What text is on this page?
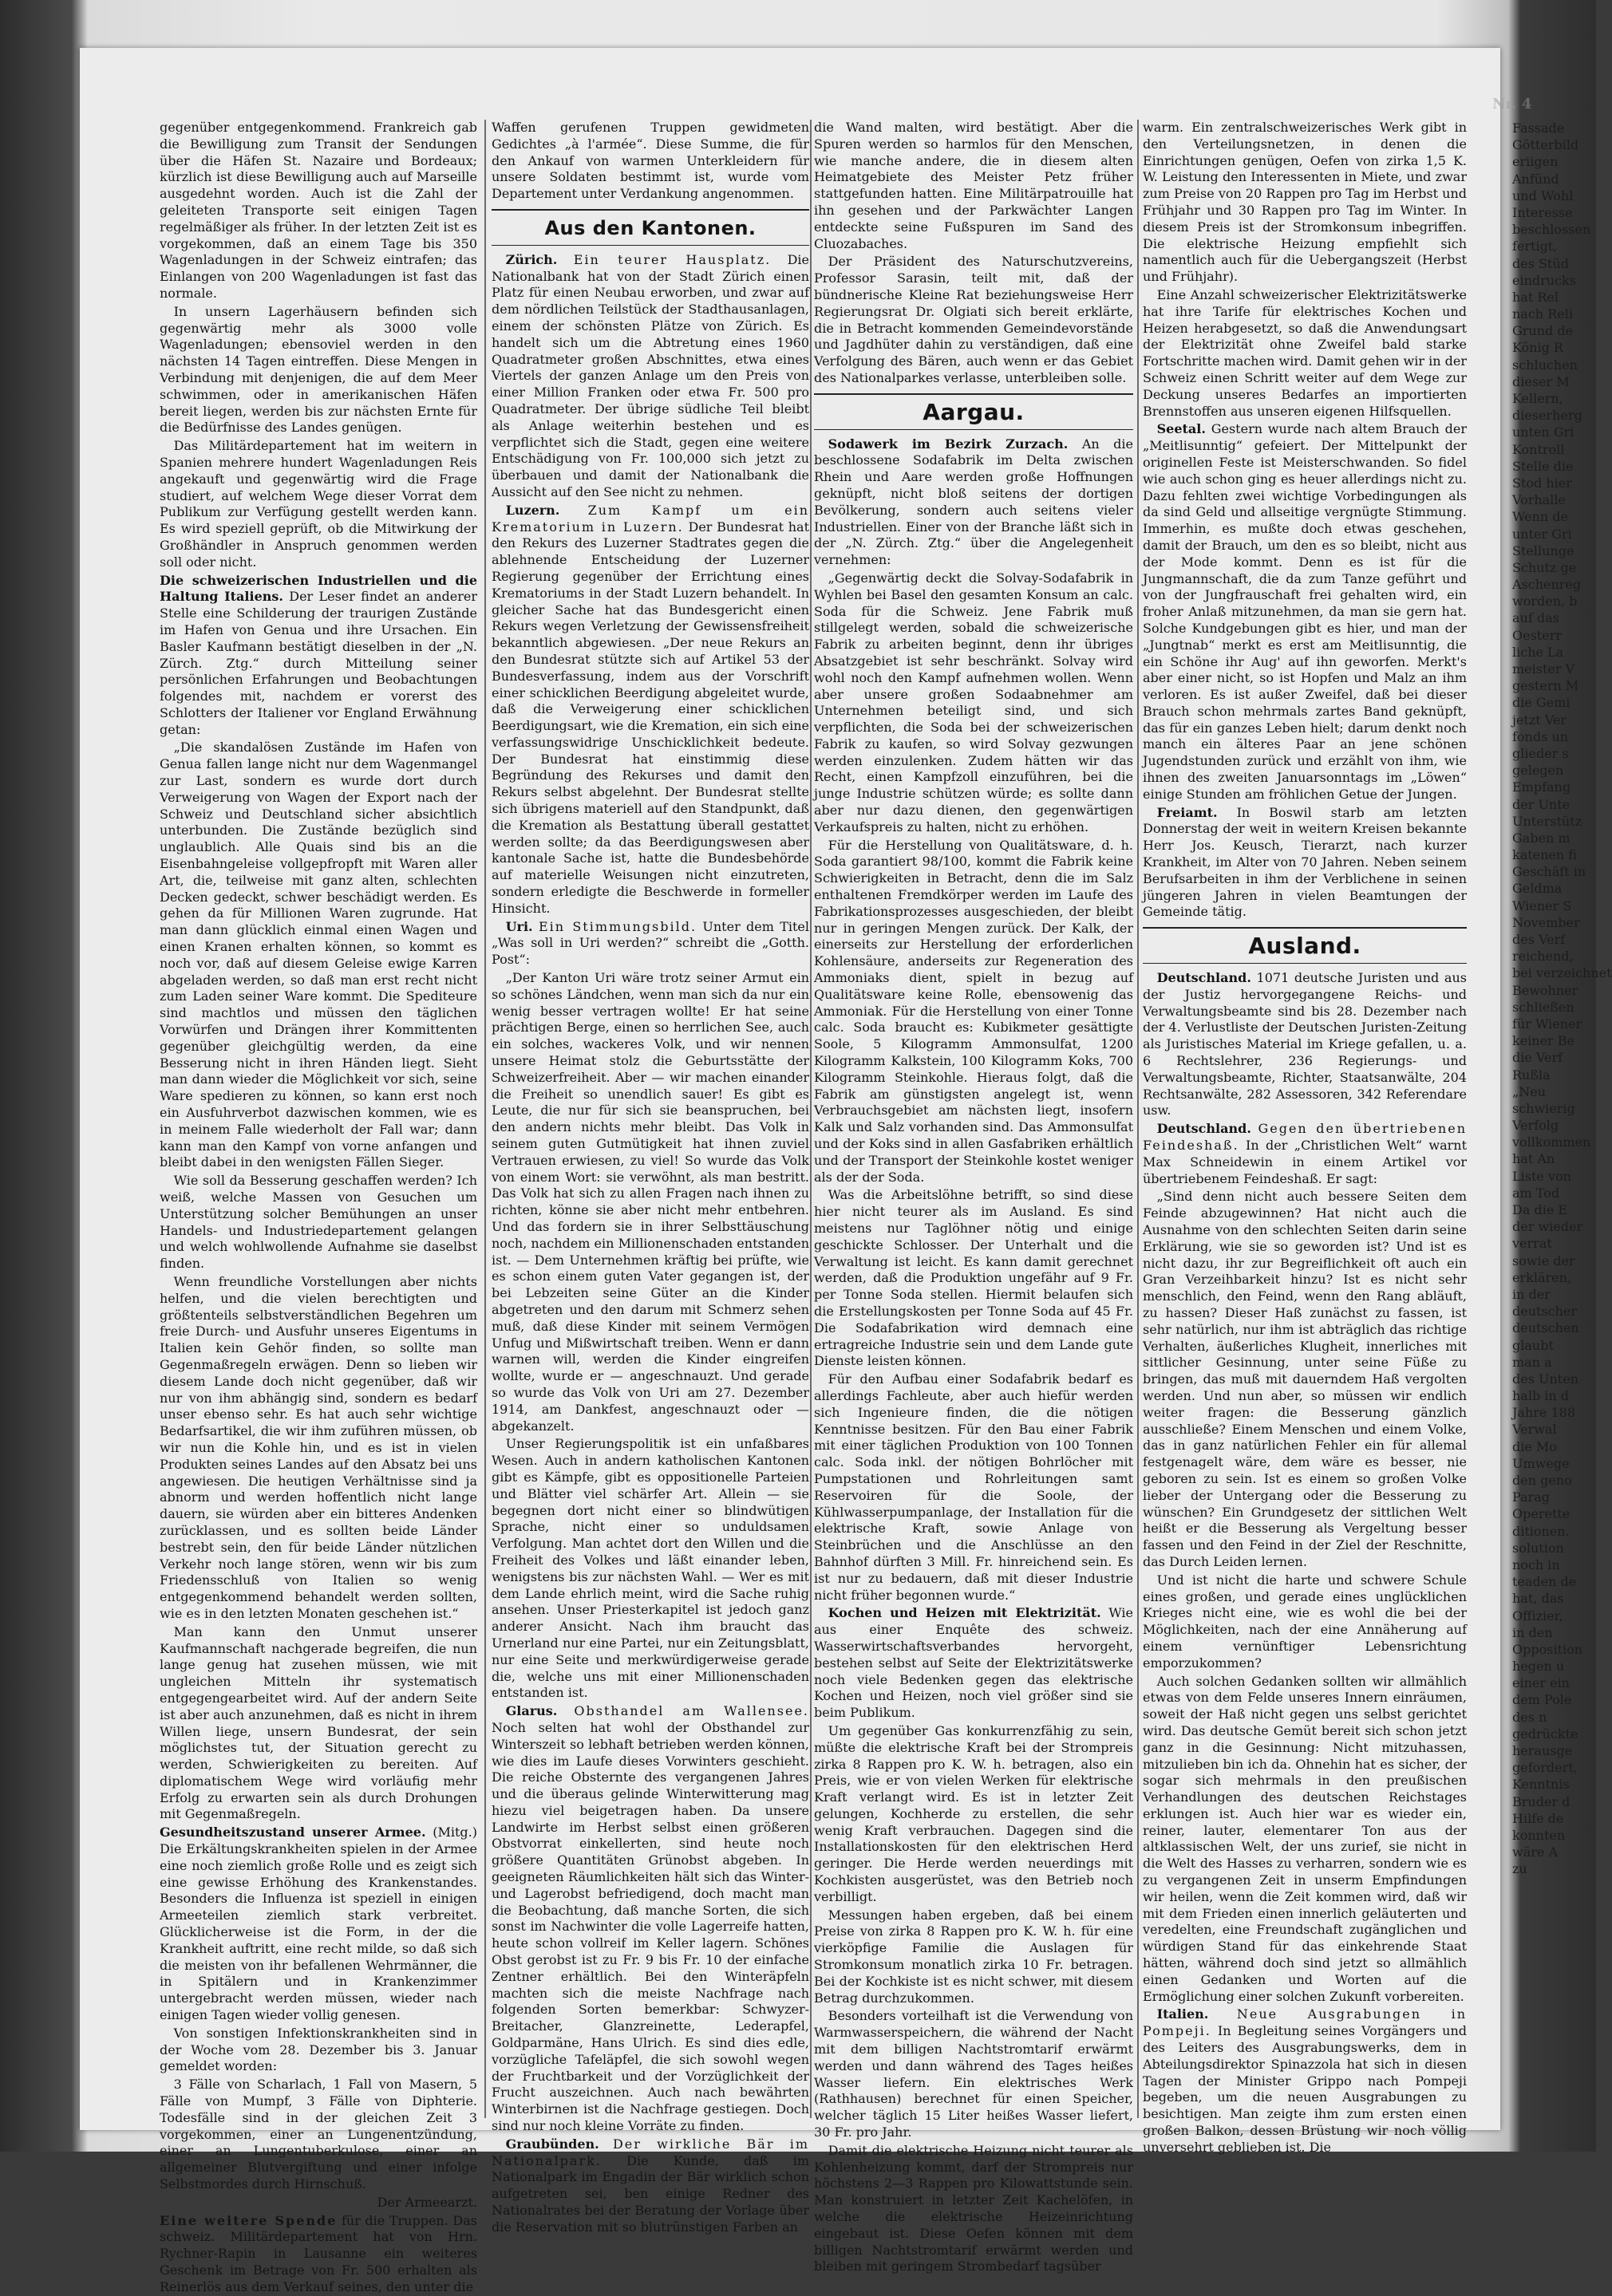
Nr. 4

gegenüber entgegenkommend. Frankreich gab die Bewilligung zum Transit der Sendungen über die Häfen St. Nazaire und Bordeaux; kürzlich ist diese Bewilligung auch auf Marseille ausgedehnt worden. Auch ist die Zahl der geleiteten Transporte seit einigen Tagen regelmäßiger als früher. In der letzten Zeit ist es vorgekommen, daß an einem Tage bis 350 Wagenladungen in der Schweiz eintrafen; das Einlangen von 200 Wagenladungen ist fast das normale.

In unsern Lagerhäusern befinden sich gegenwärtig mehr als 3000 volle Wagenladungen; ebensoviel werden in den nächsten 14 Tagen eintreffen. Diese Mengen in Verbindung mit denjenigen, die auf dem Meer schwimmen, oder in amerikanischen Häfen bereit liegen, werden bis zur nächsten Ernte für die Bedürfnisse des Landes genügen.

Das Militärdepartement hat im weitern in Spanien mehrere hundert Wagenladungen Reis angekauft und gegenwärtig wird die Frage studiert, auf welchem Wege dieser Vorrat dem Publikum zur Verfügung gestellt werden kann. Es wird speziell geprüft, ob die Mitwirkung der Großhändler in Anspruch genommen werden soll oder nicht.

Die schweizerischen Industriellen und die Haltung Italiens. Der Leser findet an anderer Stelle eine Schilderung der traurigen Zustände im Hafen von Genua und ihre Ursachen. Ein Basler Kaufmann bestätigt dieselben in der „N. Zürch. Ztg.“ durch Mitteilung seiner persönlichen Erfahrungen und Beobachtungen folgendes mit, nachdem er vorerst des Schlotters der Italiener vor England Erwähnung getan:

„Die skandalösen Zustände im Hafen von Genua fallen lange nicht nur dem Wagenmangel zur Last, sondern es wurde dort durch Verweigerung von Wagen der Export nach der Schweiz und Deutschland sicher absichtlich unterbunden. Die Zustände bezüglich sind unglaublich. Alle Quais sind bis an die Eisenbahngeleise vollgepfropft mit Waren aller Art, die, teilweise mit ganz alten, schlechten Decken gedeckt, schwer beschädigt werden. Es gehen da für Millionen Waren zugrunde. Hat man dann glücklich einmal einen Wagen und einen Kranen erhalten können, so kommt es noch vor, daß auf diesem Geleise ewige Karren abgeladen werden, so daß man erst recht nicht zum Laden seiner Ware kommt. Die Spediteure sind machtlos und müssen den täglichen Vorwürfen und Drängen ihrer Kommittenten gegenüber gleichgültig werden, da eine Besserung nicht in ihren Händen liegt. Sieht man dann wieder die Möglichkeit vor sich, seine Ware spedieren zu können, so kann erst noch ein Ausfuhrverbot dazwischen kommen, wie es in meinem Falle wiederholt der Fall war; dann kann man den Kampf von vorne anfangen und bleibt dabei in den wenigsten Fällen Sieger.

Wie soll da Besserung geschaffen werden? Ich weiß, welche Massen von Gesuchen um Unterstützung solcher Bemühungen an unser Handels- und Industriedepartement gelangen und welch wohlwollende Aufnahme sie daselbst finden.

Wenn freundliche Vorstellungen aber nichts helfen, und die vielen berechtigten und größtenteils selbstverständlichen Begehren um freie Durch- und Ausfuhr unseres Eigentums in Italien kein Gehör finden, so sollte man Gegenmaßregeln erwägen. Denn so lieben wir diesem Lande doch nicht gegenüber, daß wir nur von ihm abhängig sind, sondern es bedarf unser ebenso sehr. Es hat auch sehr wichtige Bedarfsartikel, die wir ihm zuführen müssen, ob wir nun die Kohle hin, und es ist in vielen Produkten seines Landes auf den Absatz bei uns angewiesen. Die heutigen Verhältnisse sind ja abnorm und werden hoffentlich nicht lange dauern, sie würden aber ein bitteres Andenken zurücklassen, und es sollten beide Länder bestrebt sein, den für beide Länder nützlichen Verkehr noch lange stören, wenn wir bis zum Friedensschluß von Italien so wenig entgegenkommend behandelt werden sollten, wie es in den letzten Monaten geschehen ist.“

Man kann den Unmut unserer Kaufmannschaft nachgerade begreifen, die nun lange genug hat zusehen müssen, wie mit ungleichen Mitteln ihr systematisch entgegengearbeitet wird. Auf der andern Seite ist aber auch anzunehmen, daß es nicht in ihrem Willen liege, unsern Bundesrat, der sein möglichstes tut, der Situation gerecht zu werden, Schwierigkeiten zu bereiten. Auf diplomatischem Wege wird vorläufig mehr Erfolg zu erwarten sein als durch Drohungen mit Gegenmaßregeln.

Gesundheitszustand unserer Armee. (Mitg.) Die Erkältungskrankheiten spielen in der Armee eine noch ziemlich große Rolle und es zeigt sich eine gewisse Erhöhung des Krankenstandes. Besonders die Influenza ist speziell in einigen Armeeteilen ziemlich stark verbreitet. Glücklicherweise ist die Form, in der die Krankheit auftritt, eine recht milde, so daß sich die meisten von ihr befallenen Wehrmänner, die in Spitälern und in Krankenzimmer untergebracht werden müssen, wieder nach einigen Tagen wieder vollig genesen.

Von sonstigen Infektionskrankheiten sind in der Woche vom 28. Dezember bis 3. Januar gemeldet worden:

3 Fälle von Scharlach, 1 Fall von Masern, 5 Fälle von Mumpf, 3 Fälle von Diphterie. Todesfälle sind in der gleichen Zeit 3 vorgekommen, einer an Lungenentzündung, einer an Lungentuberkulose, einer an allgemeiner Blutvergiftung und einer infolge Selbstmordes durch Hirnschuß.

Der Armeearzt.

Eine weitere Spende für die Truppen. Das schweiz. Militärdepartement hat von Hrn. Rychner-Rapin in Lausanne ein weiteres Geschenk im Betrage von Fr. 500 erhalten als Reinerlös aus dem Verkauf seines, den unter die

Waffen gerufenen Truppen gewidmeten Gedichtes „à l'armée“. Diese Summe, die für den Ankauf von warmen Unterkleidern für unsere Soldaten bestimmt ist, wurde vom Departement unter Verdankung angenommen.

Aus den Kantonen.

Zürich. Ein teurer Hausplatz. Die Nationalbank hat von der Stadt Zürich einen Platz für einen Neubau erworben, und zwar auf dem nördlichen Teilstück der Stadthausanlagen, einem der schönsten Plätze von Zürich. Es handelt sich um die Abtretung eines 1960 Quadratmeter großen Abschnittes, etwa eines Viertels der ganzen Anlage um den Preis von einer Million Franken oder etwa Fr. 500 pro Quadratmeter. Der übrige südliche Teil bleibt als Anlage weiterhin bestehen und es verpflichtet sich die Stadt, gegen eine weitere Entschädigung von Fr. 100,000 sich jetzt zu überbauen und damit der Nationalbank die Aussicht auf den See nicht zu nehmen.

Luzern. Zum Kampf um ein Krematorium in Luzern. Der Bundesrat hat den Rekurs des Luzerner Stadtrates gegen die ablehnende Entscheidung der Luzerner Regierung gegenüber der Errichtung eines Krematoriums in der Stadt Luzern behandelt. In gleicher Sache hat das Bundesgericht einen Rekurs wegen Verletzung der Gewissensfreiheit bekanntlich abgewiesen. „Der neue Rekurs an den Bundesrat stützte sich auf Artikel 53 der Bundesverfassung, indem aus der Vorschrift einer schicklichen Beerdigung abgeleitet wurde, daß die Verweigerung einer schicklichen Beerdigungsart, wie die Kremation, ein sich eine verfassungswidrige Unschicklichkeit bedeute. Der Bundesrat hat einstimmig diese Begründung des Rekurses und damit den Rekurs selbst abgelehnt. Der Bundesrat stellte sich übrigens materiell auf den Standpunkt, daß die Kremation als Bestattung überall gestattet werden sollte; da das Beerdigungswesen aber kantonale Sache ist, hatte die Bundesbehörde auf materielle Weisungen nicht einzutreten, sondern erledigte die Beschwerde in formeller Hinsicht.

Uri. Ein Stimmungsbild. Unter dem Titel „Was soll in Uri werden?“ schreibt die „Gotth. Post“:

„Der Kanton Uri wäre trotz seiner Armut ein so schönes Ländchen, wenn man sich da nur ein wenig besser vertragen wollte! Er hat seine prächtigen Berge, einen so herrlichen See, auch ein solches, wackeres Volk, und wir nennen unsere Heimat stolz die Geburtsstätte der Schweizerfreiheit. Aber — wir machen einander die Freiheit so unendlich sauer! Es gibt es Leute, die nur für sich sie beanspruchen, bei den andern nichts mehr bleibt. Das Volk in seinem guten Gutmütigkeit hat ihnen zuviel Vertrauen erwiesen, zu viel! So wurde das Volk von einem Wort: sie verwöhnt, als man bestritt. Das Volk hat sich zu allen Fragen nach ihnen zu richten, könne sie aber nicht mehr entbehren. Und das fordern sie in ihrer Selbsttäuschung noch, nachdem ein Millionenschaden entstanden ist. — Dem Unternehmen kräftig bei prüfte, wie es schon einem guten Vater gegangen ist, der bei Lebzeiten seine Güter an die Kinder abgetreten und den darum mit Schmerz sehen muß, daß diese Kinder mit seinem Vermögen Unfug und Mißwirtschaft treiben. Wenn er dann warnen will, werden die Kinder eingreifen wollte, wurde er — angeschnauzt. Und gerade so wurde das Volk von Uri am 27. Dezember 1914, am Dankfest, angeschnauzt oder — abgekanzelt.

Unser Regierungspolitik ist ein unfaßbares Wesen. Auch in andern katholischen Kantonen gibt es Kämpfe, gibt es oppositionelle Parteien und Blätter viel schärfer Art. Allein — sie begegnen dort nicht einer so blindwütigen Sprache, nicht einer so unduldsamen Verfolgung. Man achtet dort den Willen und die Freiheit des Volkes und läßt einander leben, wenigstens bis zur nächsten Wahl. — Wer es mit dem Lande ehrlich meint, wird die Sache ruhig ansehen. Unser Priesterkapitel ist jedoch ganz anderer Ansicht. Nach ihm braucht das Urnerland nur eine Partei, nur ein Zeitungsblatt, nur eine Seite und merkwürdigerweise gerade die, welche uns mit einer Millionenschaden entstanden ist.

Glarus. Obsthandel am Wallensee. Noch selten hat wohl der Obsthandel zur Winterszeit so lebhaft betrieben werden können, wie dies im Laufe dieses Vorwinters geschieht. Die reiche Obsternte des vergangenen Jahres und die überaus gelinde Winterwitterung mag hiezu viel beigetragen haben. Da unsere Landwirte im Herbst selbst einen größeren Obstvorrat einkellerten, sind heute noch größere Quantitäten Grünobst abgeben. In geeigneten Räumlichkeiten hält sich das Winter- und Lagerobst befriedigend, doch macht man die Beobachtung, daß manche Sorten, die sich sonst im Nachwinter die volle Lagerreife hatten, heute schon vollreif im Keller lagern. Schönes Obst gerobst ist zu Fr. 9 bis Fr. 10 der einfache Zentner erhältlich. Bei den Winteräpfeln machten sich die meiste Nachfrage nach folgenden Sorten bemerkbar: Schwyzer-Breitacher, Glanzreinette, Lederapfel, Goldparmäne, Hans Ulrich. Es sind dies edle, vorzügliche Tafeläpfel, die sich sowohl wegen der Fruchtbarkeit und der Vorzüglichkeit der Frucht auszeichnen. Auch nach bewährten Winterbirnen ist die Nachfrage gestiegen. Doch sind nur noch kleine Vorräte zu finden.

Graubünden. Der wirkliche Bär im Nationalpark. Die Kunde, daß im Nationalpark im Engadin der Bär wirklich schon aufgetreten sei, ben einige Redner des Nationalrates bei der Beratung der Vorlage über die Reservation mit so blutrünstigen Farben an

die Wand malten, wird bestätigt. Aber die Spuren werden so harmlos für den Menschen, wie manche andere, die in diesem alten Heimatgebiete des Meister Petz früher stattgefunden hatten. Eine Militärpatrouille hat ihn gesehen und der Parkwächter Langen entdeckte seine Fußspuren im Sand des Cluozabaches.

Der Präsident des Naturschutzvereins, Professor Sarasin, teilt mit, daß der bündnerische Kleine Rat beziehungsweise Herr Regierungsrat Dr. Olgiati sich bereit erklärte, die in Betracht kommenden Gemeindevorstände und Jagdhüter dahin zu verständigen, daß eine Verfolgung des Bären, auch wenn er das Gebiet des Nationalparkes verlasse, unterbleiben solle.

Aargau.

Sodawerk im Bezirk Zurzach. An die beschlossene Sodafabrik im Delta zwischen Rhein und Aare werden große Hoffnungen geknüpft, nicht bloß seitens der dortigen Bevölkerung, sondern auch seitens vieler Industriellen. Einer von der Branche läßt sich in der „N. Zürch. Ztg.“ über die Angelegenheit vernehmen:

„Gegenwärtig deckt die Solvay-Sodafabrik in Wyhlen bei Basel den gesamten Konsum an calc. Soda für die Schweiz. Jene Fabrik muß stillgelegt werden, sobald die schweizerische Fabrik zu arbeiten beginnt, denn ihr übriges Absatzgebiet ist sehr beschränkt. Solvay wird wohl noch den Kampf aufnehmen wollen. Wenn aber unsere großen Sodaabnehmer am Unternehmen beteiligt sind, und sich verpflichten, die Soda bei der schweizerischen Fabrik zu kaufen, so wird Solvay gezwungen werden einzulenken. Zudem hätten wir das Recht, einen Kampfzoll einzuführen, bei die junge Industrie schützen würde; es sollte dann aber nur dazu dienen, den gegenwärtigen Verkaufspreis zu halten, nicht zu erhöhen.

Für die Herstellung von Qualitätsware, d. h. Soda garantiert 98/100, kommt die Fabrik keine Schwierigkeiten in Betracht, denn die im Salz enthaltenen Fremdkörper werden im Laufe des Fabrikationsprozesses ausgeschieden, der bleibt nur in geringen Mengen zurück. Der Kalk, der einerseits zur Herstellung der erforderlichen Kohlensäure, anderseits zur Regeneration des Ammoniaks dient, spielt in bezug auf Qualitätsware keine Rolle, ebensowenig das Ammoniak. Für die Herstellung von einer Tonne calc. Soda braucht es: Kubikmeter gesättigte Soole, 5 Kilogramm Ammonsulfat, 1200 Kilogramm Kalkstein, 100 Kilogramm Koks, 700 Kilogramm Steinkohle. Hieraus folgt, daß die Fabrik am günstigsten angelegt ist, wenn Verbrauchsgebiet am nächsten liegt, insofern Kalk und Salz vorhanden sind. Das Ammonsulfat und der Koks sind in allen Gasfabriken erhältlich und der Transport der Steinkohle kostet weniger als der der Soda.

Was die Arbeitslöhne betrifft, so sind diese hier nicht teurer als im Ausland. Es sind meistens nur Taglöhner nötig und einige geschickte Schlosser. Der Unterhalt und die Verwaltung ist leicht. Es kann damit gerechnet werden, daß die Produktion ungefähr auf 9 Fr. per Tonne Soda stellen. Hiermit belaufen sich die Erstellungskosten per Tonne Soda auf 45 Fr. Die Sodafabrikation wird demnach eine ertragreiche Industrie sein und dem Lande gute Dienste leisten können.

Für den Aufbau einer Sodafabrik bedarf es allerdings Fachleute, aber auch hiefür werden sich Ingenieure finden, die die nötigen Kenntnisse besitzen. Für den Bau einer Fabrik mit einer täglichen Produktion von 100 Tonnen calc. Soda inkl. der nötigen Bohrlöcher mit Pumpstationen und Rohrleitungen samt Reservoiren für die Soole, der Kühlwasserpumpanlage, der Installation für die elektrische Kraft, sowie Anlage von Steinbrüchen und die Anschlüsse an den Bahnhof dürften 3 Mill. Fr. hinreichend sein. Es ist nur zu bedauern, daß mit dieser Industrie nicht früher begonnen wurde.“

Kochen und Heizen mit Elektrizität. Wie aus einer Enquête des schweiz. Wasserwirtschaftsverbandes hervorgeht, bestehen selbst auf Seite der Elektrizitätswerke noch viele Bedenken gegen das elektrische Kochen und Heizen, noch viel größer sind sie beim Publikum.

Um gegenüber Gas konkurrenzfähig zu sein, müßte die elektrische Kraft bei der Strompreis zirka 8 Rappen pro K. W. h. betragen, also ein Preis, wie er von vielen Werken für elektrische Kraft verlangt wird. Es ist in letzter Zeit gelungen, Kochherde zu erstellen, die sehr wenig Kraft verbrauchen. Dagegen sind die Installationskosten für den elektrischen Herd geringer. Die Herde werden neuerdings mit Kochkisten ausgerüstet, was den Betrieb noch verbilligt.

Messungen haben ergeben, daß bei einem Preise von zirka 8 Rappen pro K. W. h. für eine vierköpfige Familie die Auslagen für Stromkonsum monatlich zirka 10 Fr. betragen. Bei der Kochkiste ist es nicht schwer, mit diesem Betrag durchzukommen.

Besonders vorteilhaft ist die Verwendung von Warmwasserspeichern, die während der Nacht mit dem billigen Nachtstromtarif erwärmt werden und dann während des Tages heißes Wasser liefern. Ein elektrisches Werk (Rathhausen) berechnet für einen Speicher, welcher täglich 15 Liter heißes Wasser liefert, 30 Fr. pro Jahr.

Damit die elektrische Heizung nicht teurer als Kohlenheizung kommt, darf der Strompreis nur höchstens 2—3 Rappen pro Kilowattstunde sein. Man konstruiert in letzter Zeit Kachelöfen, in welche die elektrische Heizeinrichtung eingebaut ist. Diese Oefen können mit dem billigen Nachtstromtarif erwärmt werden und bleiben mit geringem Strombedarf tagsüber

warm. Ein zentralschweizerisches Werk gibt in den Verteilungsnetzen, in denen die Einrichtungen genügen, Oefen von zirka 1,5 K. W. Leistung den Interessenten in Miete, und zwar zum Preise von 20 Rappen pro Tag im Herbst und Frühjahr und 30 Rappen pro Tag im Winter. In diesem Preis ist der Stromkonsum inbegriffen. Die elektrische Heizung empfiehlt sich namentlich auch für die Uebergangszeit (Herbst und Frühjahr).

Eine Anzahl schweizerischer Elektrizitätswerke hat ihre Tarife für elektrisches Kochen und Heizen herabgesetzt, so daß die Anwendungsart der Elektrizität ohne Zweifel bald starke Fortschritte machen wird. Damit gehen wir in der Schweiz einen Schritt weiter auf dem Wege zur Deckung unseres Bedarfes an importierten Brennstoffen aus unseren eigenen Hilfsquellen.

Seetal. Gestern wurde nach altem Brauch der „Meitlisunntig“ gefeiert. Der Mittelpunkt der originellen Feste ist Meisterschwanden. So fidel wie auch schon ging es heuer allerdings nicht zu. Dazu fehlten zwei wichtige Vorbedingungen als da sind Geld und allseitige vergnügte Stimmung. Immerhin, es mußte doch etwas geschehen, damit der Brauch, um den es so bleibt, nicht aus der Mode kommt. Denn es ist für die Jungmannschaft, die da zum Tanze geführt und von der Jungfrauschaft frei gehalten wird, ein froher Anlaß mitzunehmen, da man sie gern hat. Solche Kundgebungen gibt es hier, und man der „Jungtnab“ merkt es erst am Meitlisunntig, die ein Schöne ihr Aug' auf ihn geworfen. Merkt's aber einer nicht, so ist Hopfen und Malz an ihm verloren. Es ist außer Zweifel, daß bei dieser Brauch schon mehrmals zartes Band geknüpft, das für ein ganzes Leben hielt; darum denkt noch manch ein älteres Paar an jene schönen Jugendstunden zurück und erzählt von ihm, wie ihnen des zweiten Januarsonntags im „Löwen“ einige Stunden am fröhlichen Getue der Jungen.

Freiamt. In Boswil starb am letzten Donnerstag der weit in weitern Kreisen bekannte Herr Jos. Keusch, Tierarzt, nach kurzer Krankheit, im Alter von 70 Jahren. Neben seinem Berufsarbeiten in ihm der Verblichene in seinen jüngeren Jahren in vielen Beamtungen der Gemeinde tätig.

Ausland.

Deutschland. 1071 deutsche Juristen und aus der Justiz hervorgegangene Reichs- und Verwaltungsbeamte sind bis 28. Dezember nach der 4. Verlustliste der Deutschen Juristen-Zeitung als Juristisches Material im Kriege gefallen, u. a. 6 Rechtslehrer, 236 Regierungs- und Verwaltungsbeamte, Richter, Staatsanwälte, 204 Rechtsanwälte, 282 Assessoren, 342 Referendare usw.

Deutschland. Gegen den übertriebenen Feindeshaß. In der „Christlichen Welt“ warnt Max Schneidewin in einem Artikel vor übertriebenem Feindeshaß. Er sagt:

„Sind denn nicht auch bessere Seiten dem Feinde abzugewinnen? Hat nicht auch die Ausnahme von den schlechten Seiten darin seine Erklärung, wie sie so geworden ist? Und ist es nicht dazu, ihr zur Begreiflichkeit oft auch ein Gran Verzeihbarkeit hinzu? Ist es nicht sehr menschlich, den Feind, wenn den Rang abläuft, zu hassen? Dieser Haß zunächst zu fassen, ist sehr natürlich, nur ihm ist abträglich das richtige Verhalten, äußerliches Klugheit, innerliches mit sittlicher Gesinnung, unter seine Füße zu bringen, das muß mit dauerndem Haß vergolten werden. Und nun aber, so müssen wir endlich weiter fragen: die Besserung gänzlich ausschließe? Einem Menschen und einem Volke, das in ganz natürlichen Fehler ein für allemal festgenagelt wäre, dem wäre es besser, nie geboren zu sein. Ist es einem so großen Volke lieber der Untergang oder die Besserung zu wünschen? Ein Grundgesetz der sittlichen Welt heißt er die Besserung als Vergeltung besser fassen und den Feind in der Ziel der Reschnitte, das Durch Leiden lernen.

Und ist nicht die harte und schwere Schule eines großen, und gerade eines unglücklichen Krieges nicht eine, wie es wohl die bei der Möglichkeiten, nach der eine Annäherung auf einem vernünftiger Lebensrichtung emporzukommen?

Auch solchen Gedanken sollten wir allmählich etwas von dem Felde unseres Innern einräumen, soweit der Haß nicht gegen uns selbst gerichtet wird. Das deutsche Gemüt bereit sich schon jetzt ganz in die Gesinnung: Nicht mitzuhassen, mitzulieben bin ich da. Ohnehin hat es sicher, der sogar sich mehrmals in den preußischen Verhandlungen des deutschen Reichstages erklungen ist. Auch hier war es wieder ein, reiner, lauter, elementarer Ton aus der altklassischen Welt, der uns zurief, sie nicht in die Welt des Hasses zu verharren, sondern wie es zu vergangenen Zeit in unserm Empfindungen wir heilen, wenn die Zeit kommen wird, daß wir mit dem Frieden einen innerlich geläuterten und veredelten, eine Freundschaft zugänglichen und würdigen Stand für das einkehrende Staat hätten, während doch sind jetzt so allmählich einen Gedanken und Worten auf die Ermöglichung einer solchen Zukunft vorbereiten.

Italien. Neue Ausgrabungen in Pompeji. In Begleitung seines Vorgängers und des Leiters des Ausgrabungswerks, dem in Abteilungsdirektor Spinazzola hat sich in diesen Tagen der Minister Grippo nach Pompeji begeben, um die neuen Ausgrabungen zu besichtigen. Man zeigte ihm zum ersten einen großen Balkon, dessen Brüstung wir noch völlig unversehrt geblieben ist. Die

Fassade
Götterbild
eriigen
Anfünd
und Wohl
Interesse
beschlossen
fertigt,
des Stüd
eindrucks
hat Rel
nach Reli
Grund de
König R
schluchen
dieser M
Kellern,
dieserherg
unten Gri
Kontroll
Stelle die
Stod hier
Vorhalle
Wenn de
unter Gri
Stellunge
Schutz ge
Aschenreg
worden, b
auf das
Oesterr
liche La
meister V
gestern M
die Gemi
jetzt Ver
fonds un
glieder s
gelegen
Empfang
der Unte
Unterstütz
Gaben m
katenen fi
Geschäft in
Geldma
Wiener S
November
des Verf
reichend,
bei verzeichnet
Bewohner
schließen
für Wiener
keiner Be
die Verf
Rußla
„Neu
schwierig
Verfolg
vollkommen
hat An
Liste von
am Tod
Da die E
der wieder
verrat
sowie der
erklären,
in der
deutscher
deutschen
glaubt
man a
des Unten
halb in d
Jahre 188
Verwal
die Mo
Umwege
den geno
Parag
Operette
ditionen.
solution
noch in
teaden de
hat, das
Offizier,
in den
Opposition
hegen u
einer ein
dem Pole
des n
gedrückte
herausge
gefordert,
Kenntnis
Bruder d
Hilfe de
konnten
wäre A
zu
